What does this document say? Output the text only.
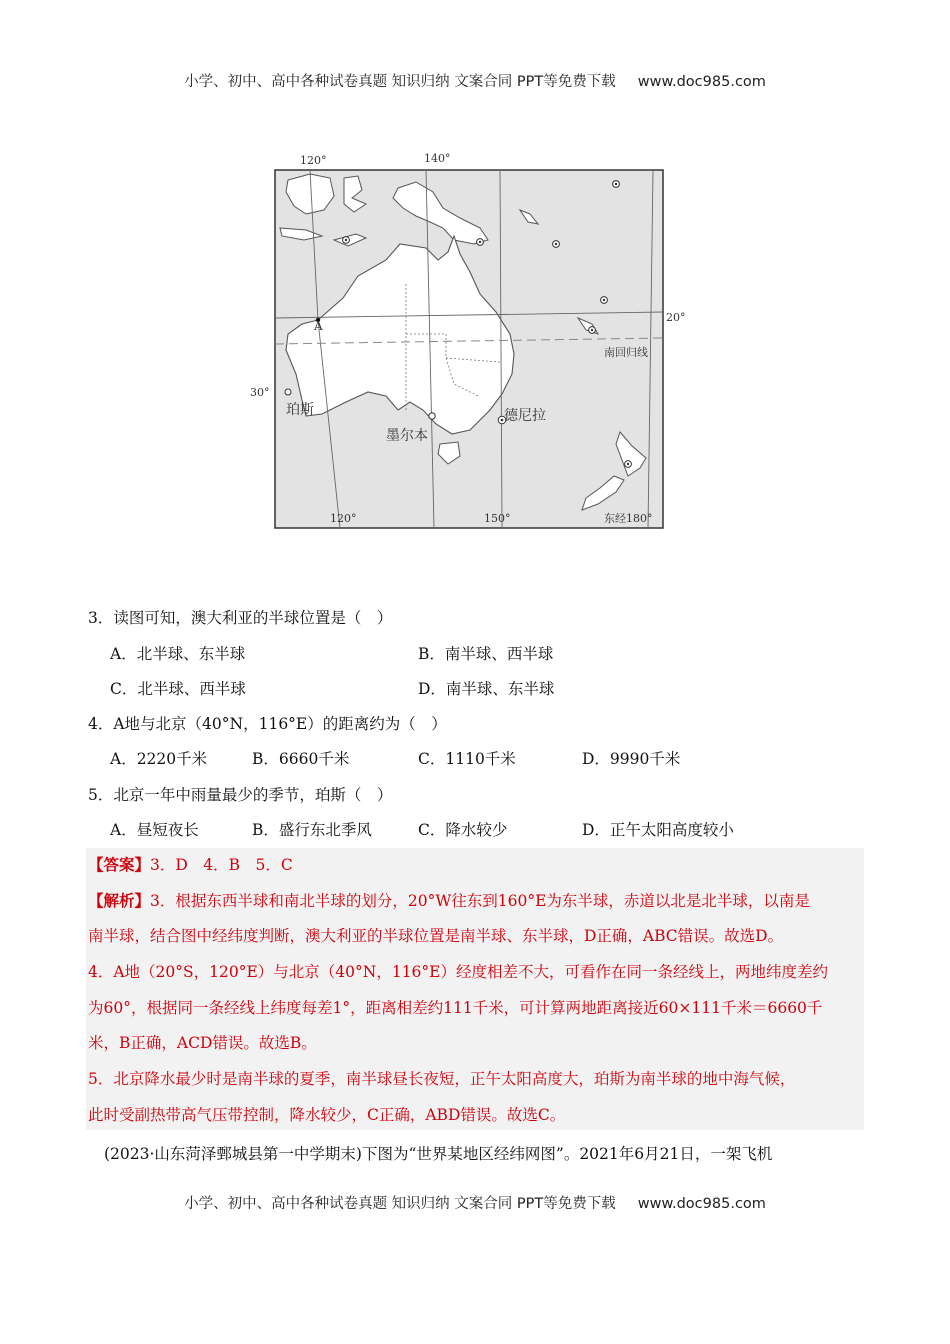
小学、初中、高中各种试卷真题 知识归纳 文案合同 PPT等免费下载 www.doc985.com
120°	140°
120°	150°	东经180°
20°
30°
南回归线
A
珀斯
墨尔本
德尼拉
3．读图可知，澳大利亚的半球位置是（　）
A．北半球、东半球	B．南半球、西半球
C．北半球、西半球	D．南半球、东半球
4．A地与北京（40°N，116°E）的距离约为（　）
A．2220千米	B．6660千米	C．1110千米	D．9990千米
5．北京一年中雨量最少的季节，珀斯（　）
A．昼短夜长	B．盛行东北季风	C．降水较少	D．正午太阳高度较小
【答案】3．D　4．B　5．C
【解析】3．根据东西半球和南北半球的划分，20°W往东到160°E为东半球，赤道以北是北半球，以南是
南半球，结合图中经纬度判断，澳大利亚的半球位置是南半球、东半球，D正确，ABC错误。故选D。
4．A地（20°S，120°E）与北京（40°N，116°E）经度相差不大，可看作在同一条经线上，两地纬度差约
为60°，根据同一条经线上纬度每差1°，距离相差约111千米，可计算两地距离接近60×111千米＝6660千
米，B正确，ACD错误。故选B。
5．北京降水最少时是南半球的夏季，南半球昼长夜短，正午太阳高度大，珀斯为南半球的地中海气候，
此时受副热带高气压带控制，降水较少，C正确，ABD错误。故选C。
(2023·山东菏泽鄄城县第一中学期末)下图为“世界某地区经纬网图”。2021年6月21日，一架飞机
小学、初中、高中各种试卷真题 知识归纳 文案合同 PPT等免费下载 www.doc985.com
